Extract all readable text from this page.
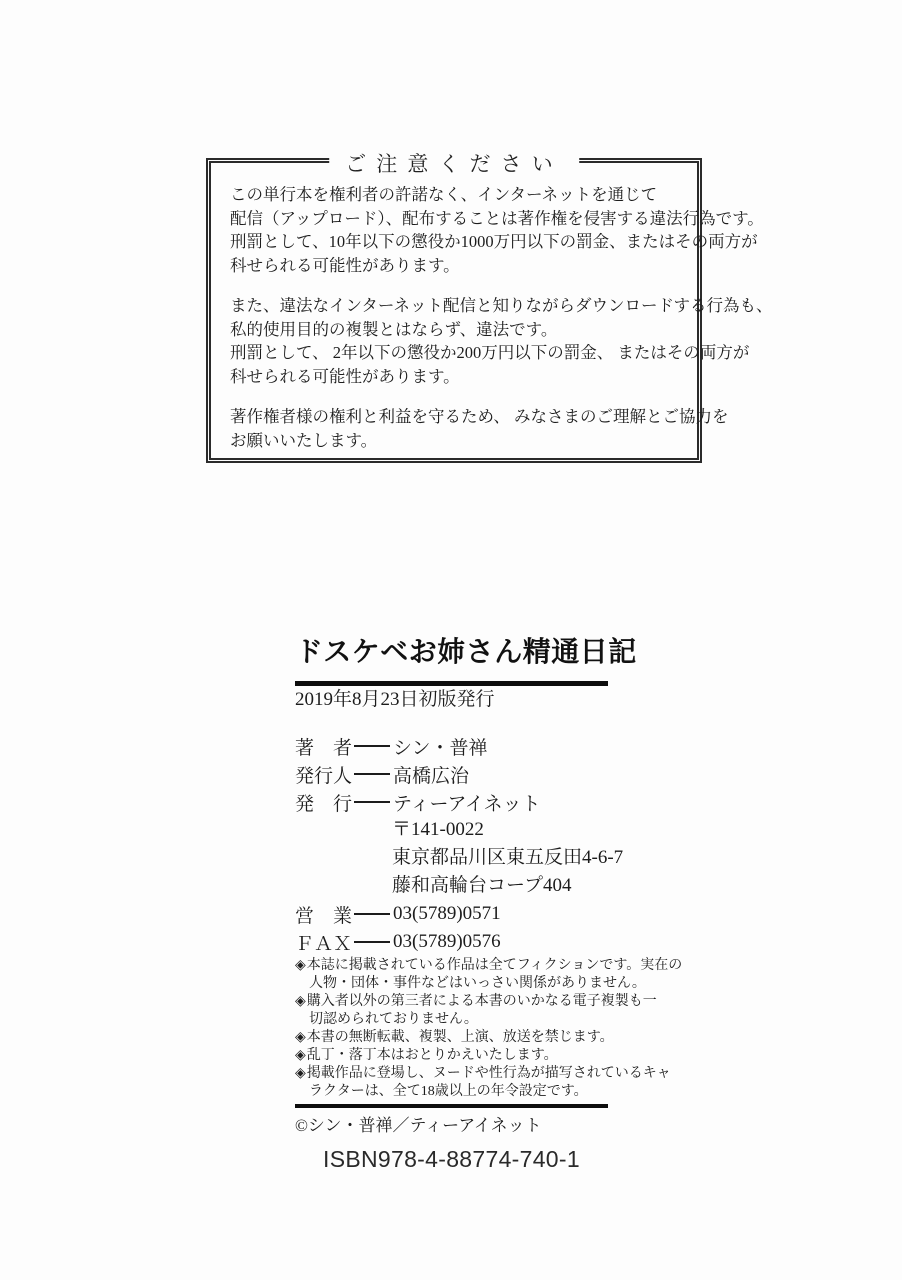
ご注意ください
この単行本を権利者の許諾なく、インターネットを通じて
配信（アップロード）、配布することは著作権を侵害する違法行為です。
刑罰として、10年以下の懲役か1000万円以下の罰金、またはその両方が
科せられる可能性があります。
また、違法なインターネット配信と知りながらダウンロードする行為も、
私的使用目的の複製とはならず、違法です。
刑罰として、 2年以下の懲役か200万円以下の罰金、 またはその両方が
科せられる可能性があります。
著作権者様の権利と利益を守るため、 みなさまのご理解とご協力を
お願いいたします。
ドスケベお姉さん精通日記
2019年8月23日初版発行
著　者 シン・普禅
発行人 高橋広治
発　行 ティーアイネット
〒141-0022
東京都品川区東五反田4-6-7
藤和高輪台コープ404
営　業 03(5789)0571
ＦＡＸ 03(5789)0576
◈本誌に掲載されている作品は全てフィクションです。実在の
人物・団体・事件などはいっさい関係がありません。
◈購入者以外の第三者による本書のいかなる電子複製も一
切認められておりません。
◈本書の無断転載、複製、上演、放送を禁じます。
◈乱丁・落丁本はおとりかえいたします。
◈掲載作品に登場し、ヌードや性行為が描写されているキャ
ラクターは、全て18歳以上の年令設定です。
©シン・普禅／ティーアイネット
ISBN978-4-88774-740-1
